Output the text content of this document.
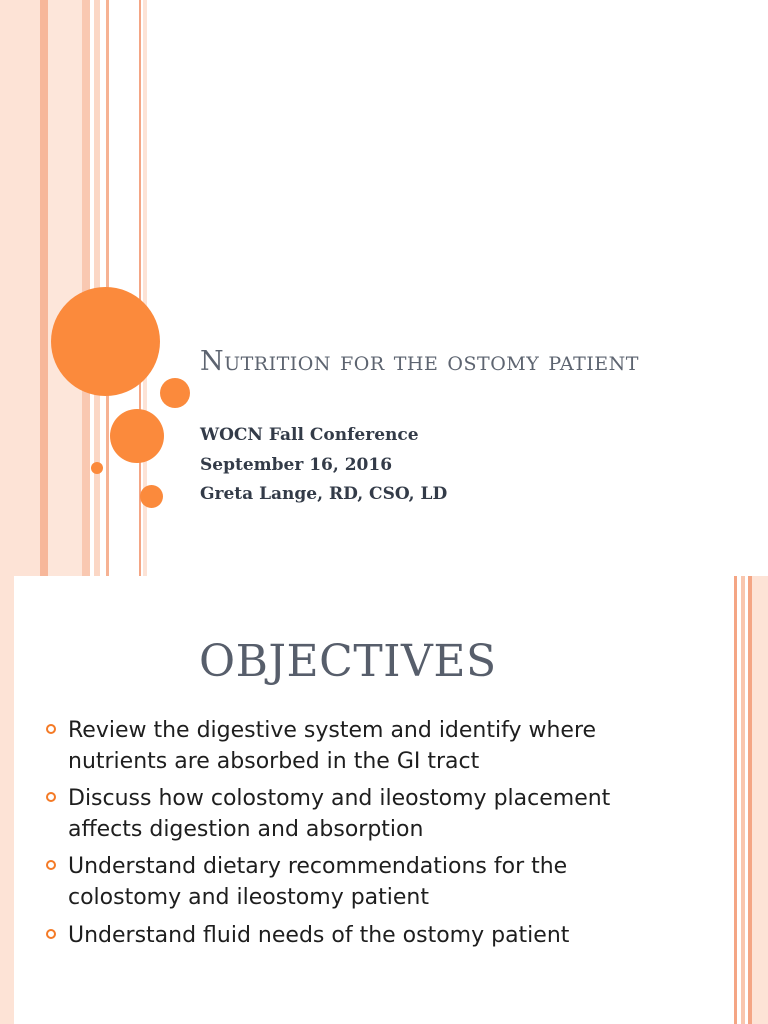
Nutrition for the ostomy patient
WOCN Fall Conference
September 16, 2016
Greta Lange, RD, CSO, LD
OBJECTIVES
Review the digestive system and identify where nutrients are absorbed in the GI tract
Discuss how colostomy and ileostomy placement affects digestion and absorption
Understand dietary recommendations for the colostomy and ileostomy patient
Understand fluid needs of the ostomy patient
